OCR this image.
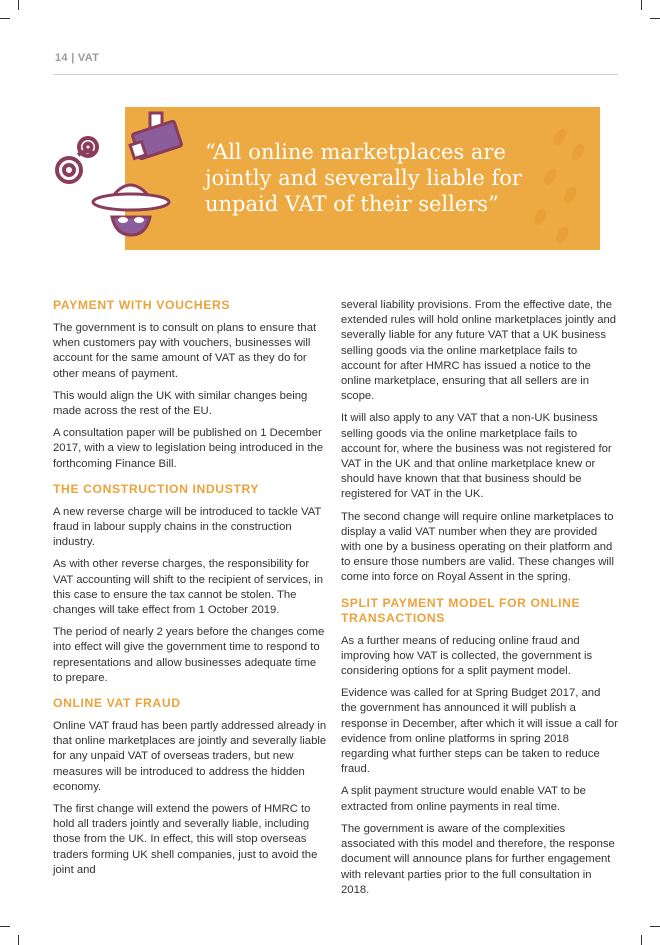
14 | VAT
“All online marketplaces are
jointly and severally liable for
unpaid VAT of their sellers”
PAYMENT WITH VOUCHERS

The government is to consult on plans to ensure that when customers pay with vouchers, businesses will account for the same amount of VAT as they do for other means of payment.

This would align the UK with similar changes being made across the rest of the EU.

A consultation paper will be published on 1 December 2017, with a view to legislation being introduced in the forthcoming Finance Bill.

THE CONSTRUCTION INDUSTRY

A new reverse charge will be introduced to tackle VAT fraud in labour supply chains in the construction industry.

As with other reverse charges, the responsibility for VAT accounting will shift to the recipient of services, in this case to ensure the tax cannot be stolen. The changes will take effect from 1 October 2019.

The period of nearly 2 years before the changes come into effect will give the government time to respond to representations and allow businesses adequate time to prepare.

ONLINE VAT FRAUD

Online VAT fraud has been partly addressed already in that online marketplaces are jointly and severally liable for any unpaid VAT of overseas traders, but new measures will be introduced to address the hidden economy.

The first change will extend the powers of HMRC to hold all traders jointly and severally liable, including those from the UK. In effect, this will stop overseas traders forming UK shell companies, just to avoid the joint and

several liability provisions. From the effective date, the extended rules will hold online marketplaces jointly and severally liable for any future VAT that a UK business selling goods via the online marketplace fails to account for after HMRC has issued a notice to the online marketplace, ensuring that all sellers are in scope.

It will also apply to any VAT that a non-UK business selling goods via the online marketplace fails to account for, where the business was not registered for VAT in the UK and that online marketplace knew or should have known that that business should be registered for VAT in the UK.

The second change will require online marketplaces to display a valid VAT number when they are provided with one by a business operating on their platform and to ensure those numbers are valid. These changes will come into force on Royal Assent in the spring.

SPLIT PAYMENT MODEL FOR ONLINE TRANSACTIONS

As a further means of reducing online fraud and improving how VAT is collected, the government is considering options for a split payment model.

Evidence was called for at Spring Budget 2017, and the government has announced it will publish a response in December, after which it will issue a call for evidence from online platforms in spring 2018 regarding what further steps can be taken to reduce fraud.

A split payment structure would enable VAT to be extracted from online payments in real time.

The government is aware of the complexities associated with this model and therefore, the response document will announce plans for further engagement with relevant parties prior to the full consultation in 2018.
